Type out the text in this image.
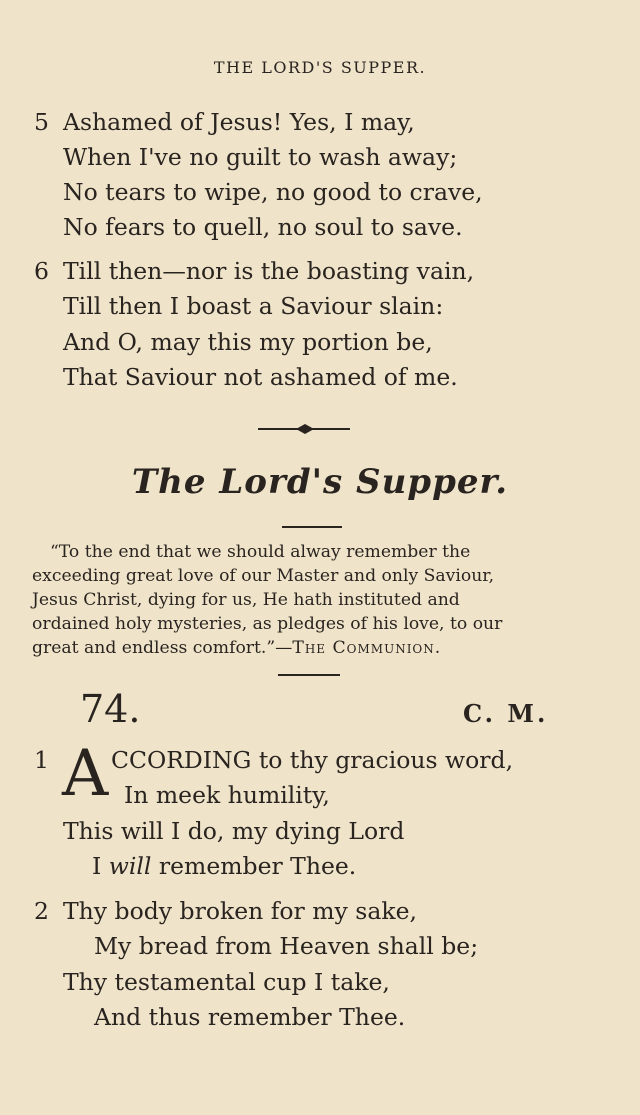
THE LORD'S SUPPER.
5 Ashamed of Jesus! Yes, I may,
When I've no guilt to wash away;
No tears to wipe, no good to crave,
No fears to quell, no soul to save.
6 Till then—nor is the boasting vain,
Till then I boast a Saviour slain:
And O, may this my portion be,
That Saviour not ashamed of me.
The Lord's Supper.
“To the end that we should alway remember the
exceeding great love of our Master and only Saviour,
Jesus Christ, dying for us, He hath instituted and
ordained holy mysteries, as pledges of his love, to our
great and endless comfort.”—The Communion.
74.	C. M.
1	CCORDING to thy gracious word,
In meek humility,
This will I do, my dying Lord
I will remember Thee.
A
2 Thy body broken for my sake,
My bread from Heaven shall be;
Thy testamental cup I take,
And thus remember Thee.
